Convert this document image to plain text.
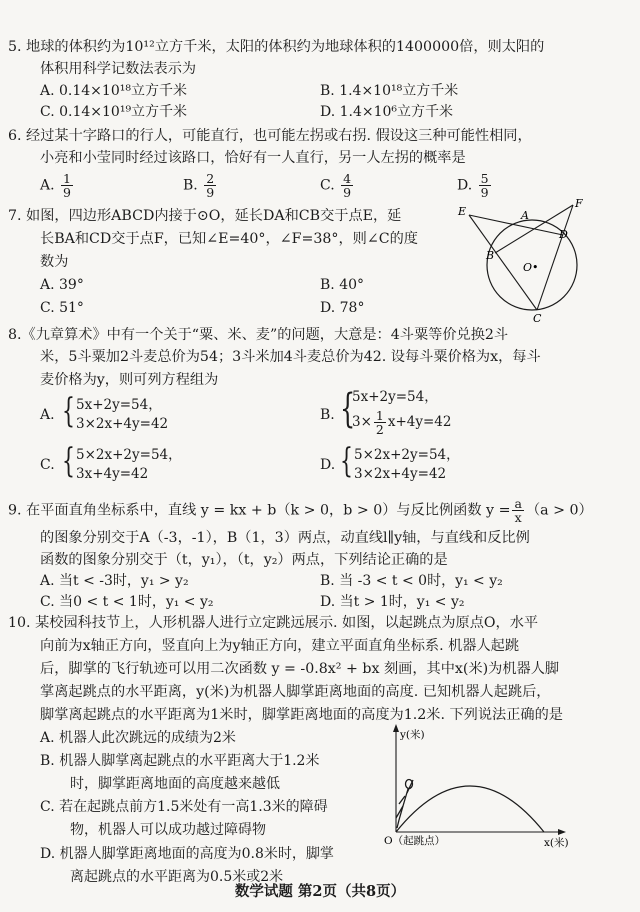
5. 地球的体积约为10¹²立方千米，太阳的体积约为地球体积的1400000倍，则太阳的
体积用科学记数法表示为
A. 0.14×10¹⁸立方千米	B. 1.4×10¹⁸立方千米
C. 0.14×10¹⁹立方千米	D. 1.4×10⁶立方千米
6. 经过某十字路口的行人，可能直行，也可能左拐或右拐. 假设这三种可能性相同，
小亮和小莹同时经过该路口，恰好有一人直行，另一人左拐的概率是
A. $\frac{1}{9}$	B. $\frac{2}{9}$	C. $\frac{4}{9}$	D. $\frac{5}{9}$
7. 如图，四边形ABCD内接于⊙O，延长DA和CB交于点E，延
长BA和CD交于点F，已知∠E=40°，∠F=38°，则∠C的度
数为
A. 39°	B. 40°
C. 51°	D. 78°
E	A
F
D
B
O•
C
8.《九章算术》中有一个关于“粟、米、麦”的问题，大意是：4斗粟等价兑换2斗
米，5斗粟加2斗麦总价为54；3斗米加4斗麦总价为42. 设每斗粟价格为x，每斗
麦价格为y，则可列方程组为
A. { 5x+2y=54，
3×2x+4y=42
B. {
5x+2y=54，
$3\times \frac{1}{2} x+4y=42$
C. { 5×2x+2y=54，
3x+4y=42
D. { 5×2x+2y=54，
3×2x+4y=42
9. 在平面直角坐标系中，直线 y = kx + b（k > 0，b > 0）与反比例函数 $y = \frac{a}{x} (a > 0)$
的图象分别交于A（-3，-1），B（1，3）两点，动直线l∥y轴，与直线和反比例
函数的图象分别交于（t，y₁），（t，y₂）两点，下列结论正确的是
A. 当t < -3时，y₁ > y₂	B. 当 -3 < t < 0时，y₁ < y₂
C. 当0 < t < 1时，y₁ < y₂	D. 当t > 1时，y₁ < y₂
10. 某校园科技节上，人形机器人进行立定跳远展示. 如图，以起跳点为原点O，水平
向前为x轴正方向，竖直向上为y轴正方向，建立平面直角坐标系. 机器人起跳
后，脚掌的飞行轨迹可以用二次函数 y = -0.8x² + bx 刻画，其中x(米)为机器人脚
掌离起跳点的水平距离，y(米)为机器人脚掌距离地面的高度. 已知机器人起跳后，
脚掌离起跳点的水平距离为1米时，脚掌距离地面的高度为1.2米. 下列说法正确的是
A. 机器人此次跳远的成绩为2米
B. 机器人脚掌离起跳点的水平距离大于1.2米
时，脚掌距离地面的高度越来越低
C. 若在起跳点前方1.5米处有一高1.3米的障碍
物，机器人可以成功越过障碍物
D. 机器人脚掌距离地面的高度为0.8米时，脚掌
离起跳点的水平距离为0.5米或2米
y(米)
x(米)
O（起跳点）
数学试题 第2页（共8页）
